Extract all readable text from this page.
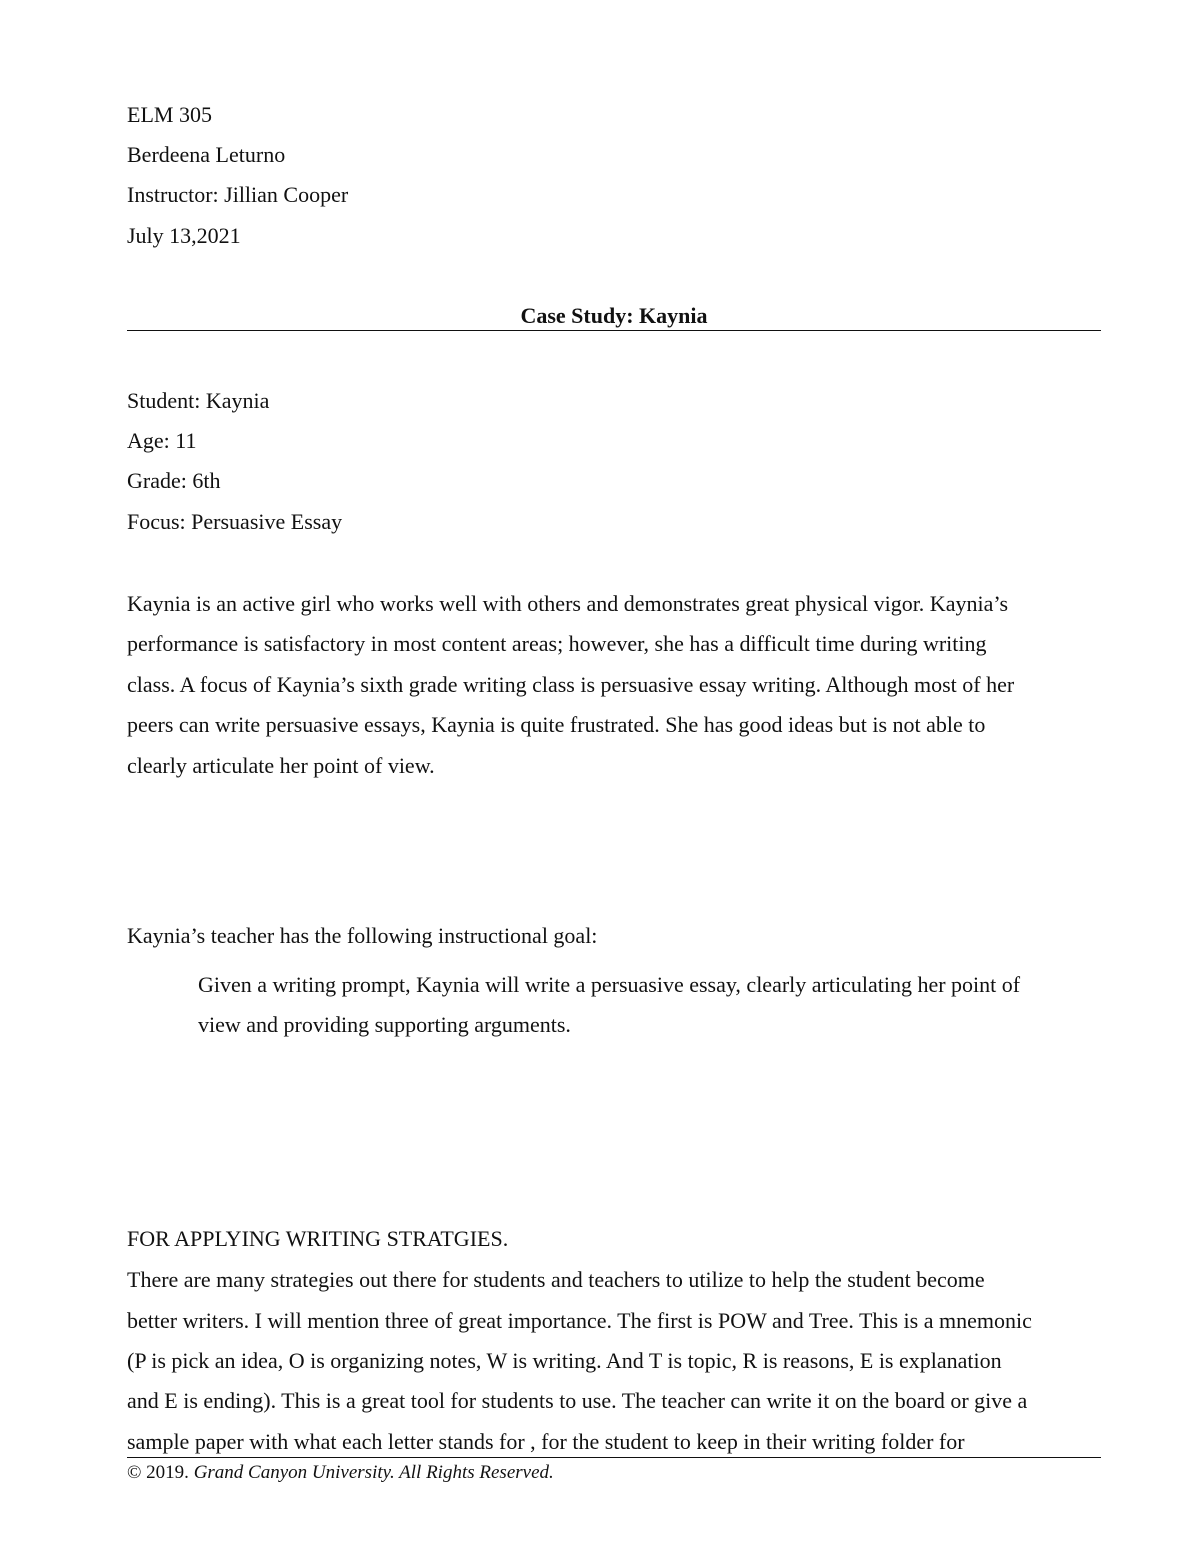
ELM 305
Berdeena Leturno
Instructor: Jillian Cooper
July 13,2021
Case Study: Kaynia
Student: Kaynia
Age: 11
Grade: 6th
Focus: Persuasive Essay
Kaynia is an active girl who works well with others and demonstrates great physical vigor. Kaynia’s
performance is satisfactory in most content areas; however, she has a difficult time during writing
class. A focus of Kaynia’s sixth grade writing class is persuasive essay writing. Although most of her
peers can write persuasive essays, Kaynia is quite frustrated. She has good ideas but is not able to
clearly articulate her point of view.
Kaynia’s teacher has the following instructional goal:
Given a writing prompt, Kaynia will write a persuasive essay, clearly articulating her point of
view and providing supporting arguments.
FOR APPLYING WRITING STRATGIES.
There are many strategies out there for students and teachers to utilize to help the student become
better writers. I will mention three of great importance. The first is POW and Tree. This is a mnemonic
(P is pick an idea, O is organizing notes, W is writing. And T is topic, R is reasons, E is explanation
and E is ending). This is a great tool for students to use. The teacher can write it on the board or give a
sample paper with what each letter stands for , for the student to keep in their writing folder for
© 2019. Grand Canyon University. All Rights Reserved.
